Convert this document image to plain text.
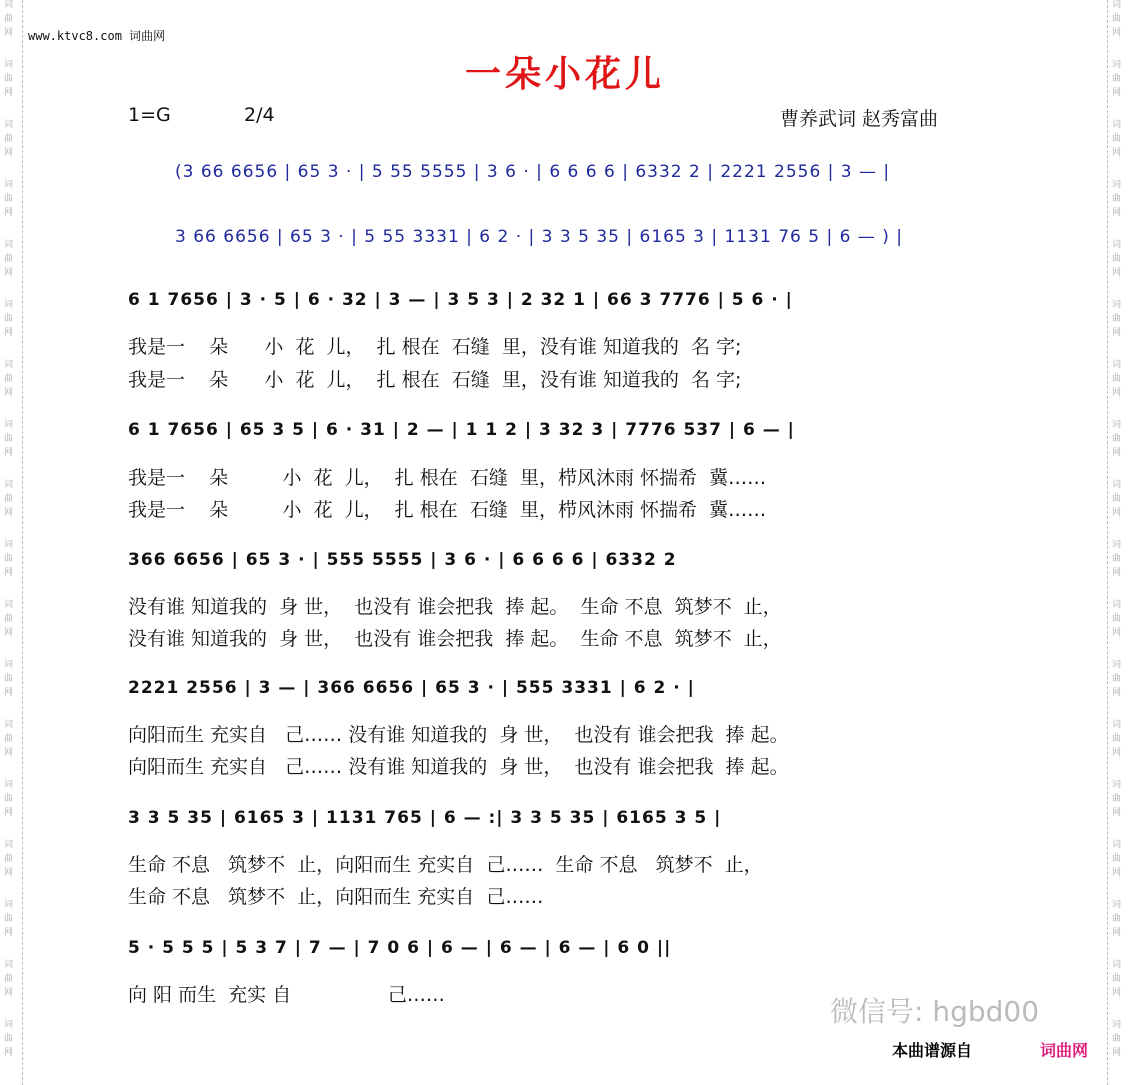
词
曲
网
词
曲
网
词
曲
网
词
曲
网
词
曲
网
词
曲
网
词
曲
网
词
曲
网
词
曲
网
词
曲
网
词
曲
网
词
曲
网
词
曲
网
词
曲
网
词
曲
网
词
曲
网
词
曲
网
词
曲
网
词
曲
网
词
曲
网
词
曲
网
词
曲
网
词
曲
网
词
曲
网
词
曲
网
词
曲
网
词
曲
网
词
曲
网
词
曲
网
词
曲
网
词
曲
网
词
曲
网
词
曲
网
词
曲
网
词
曲
网
词
曲
网
www.ktvc8.com 词曲网
一朵小花儿
1=G	2/4	曹养武词 赵秀富曲
(3 66 6656 | 65 3 · | 5 55 5555 | 3 6 · | 6 6 6 6 | 6332 2 | 2221 2556 | 3 — |
3 66 6656 | 65 3 · | 5 55 3331 | 6 2 · | 3 3 5 35 | 6165 3 | 1131 76 5 | 6 — ) |
6 1 7656 | 3 · 5 | 6 · 32 | 3 — | 3 5 3 | 2 32 1 | 66 3 7776 | 5 6 · |
我是一    朵      小  花  儿，  扎 根在  石缝  里，没有谁 知道我的  名 字;
我是一    朵      小  花  儿，  扎 根在  石缝  里，没有谁 知道我的  名 字;
6 1 7656 | 65 3 5 | 6 · 31 | 2 — | 1 1 2 | 3 32 3 | 7776 537 | 6 — |
我是一    朵         小  花  儿，  扎 根在  石缝  里，栉风沐雨 怀揣希  冀……
我是一    朵         小  花  儿，  扎 根在  石缝  里，栉风沐雨 怀揣希  冀……
366 6656 | 65 3 · | 555 5555 | 3 6 · | 6 6 6 6 | 6332 2
没有谁 知道我的  身 世，  也没有 谁会把我  捧 起。  生命 不息  筑梦不  止，
没有谁 知道我的  身 世，  也没有 谁会把我  捧 起。  生命 不息  筑梦不  止，
2221 2556 | 3 — | 366 6656 | 65 3 · | 555 3331 | 6 2 · |
向阳而生 充实自   己…… 没有谁 知道我的  身 世，  也没有 谁会把我  捧 起。
向阳而生 充实自   己…… 没有谁 知道我的  身 世，  也没有 谁会把我  捧 起。
3 3 5 35 | 6165 3 | 1131 765 | 6 — :| 3 3 5 35 | 6165 3 5 |
生命 不息   筑梦不  止，向阳而生 充实自  己……  生命 不息   筑梦不  止，
生命 不息   筑梦不  止，向阳而生 充实自  己……
5 · 5 5 5 | 5 3 7 | 7 — | 7 0 6 | 6 — | 6 — | 6 — | 6 0 ||
向 阳 而生  充实 自                己……	微信号: hgbd00
本曲谱源自	词曲网
